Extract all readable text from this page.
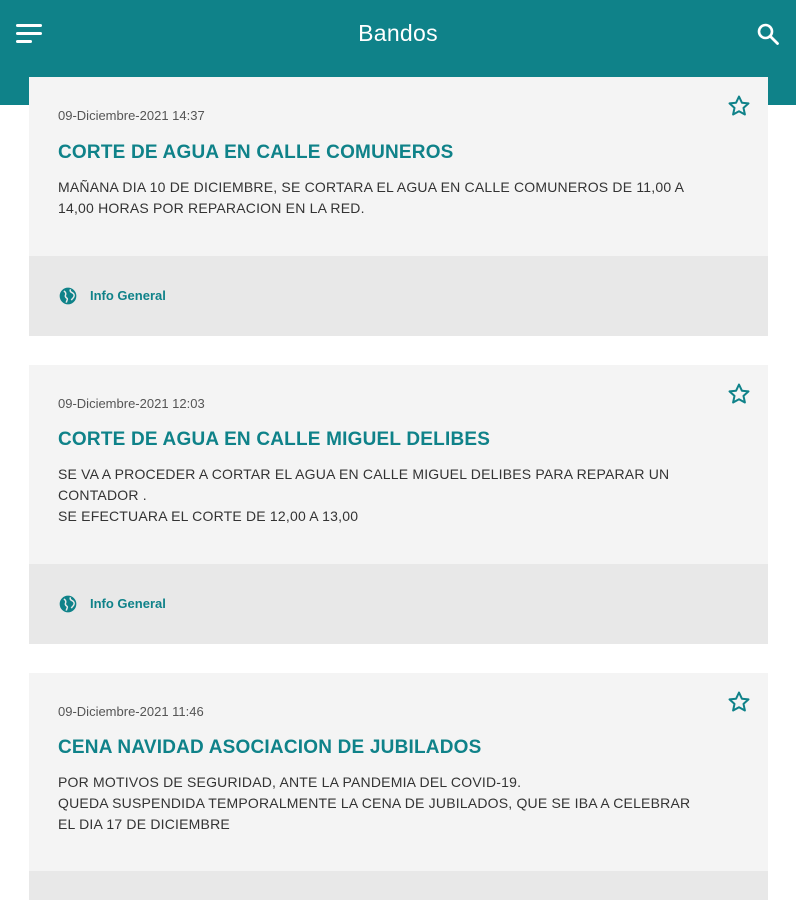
Bandos
09-Diciembre-2021 14:37
CORTE DE AGUA EN CALLE COMUNEROS
MAÑANA DIA 10 DE DICIEMBRE, SE CORTARA EL AGUA EN CALLE COMUNEROS DE 11,00 A
14,00 HORAS POR REPARACION EN LA RED.
Info General
09-Diciembre-2021 12:03
CORTE DE AGUA EN CALLE MIGUEL DELIBES
SE VA A PROCEDER A CORTAR EL AGUA EN CALLE MIGUEL DELIBES PARA REPARAR UN
CONTADOR .
SE EFECTUARA EL CORTE DE 12,00 A 13,00
Info General
09-Diciembre-2021 11:46
CENA NAVIDAD ASOCIACION DE JUBILADOS
POR MOTIVOS DE SEGURIDAD, ANTE LA PANDEMIA DEL COVID-19.
QUEDA SUSPENDIDA TEMPORALMENTE LA CENA DE JUBILADOS, QUE SE IBA A CELEBRAR
EL DIA 17 DE DICIEMBRE
